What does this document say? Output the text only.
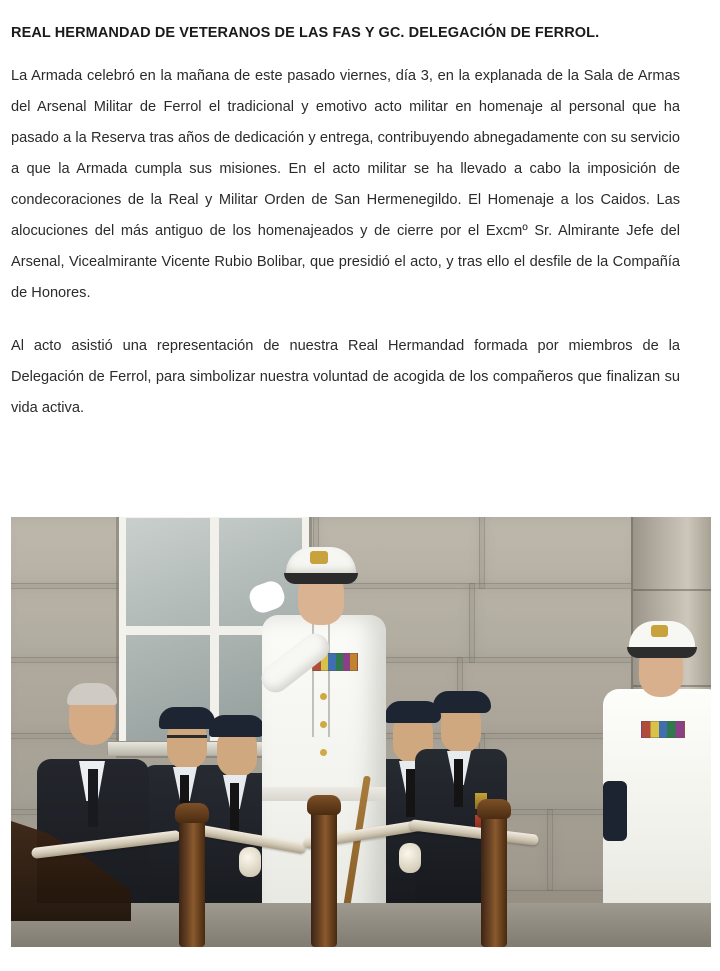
REAL HERMANDAD DE VETERANOS DE LAS FAS Y GC. DELEGACIÓN DE FERROL.

La Armada celebró en la mañana de este pasado viernes, día 3, en la explanada de la Sala de Armas del Arsenal Militar de Ferrol el tradicional y emotivo acto militar en homenaje al personal que ha pasado a la Reserva tras años de dedicación y entrega, contribuyendo abnegadamente con su servicio a que la Armada cumpla sus misiones. En el acto militar se ha llevado a cabo la imposición de condecoraciones de la Real y Militar Orden de San Hermenegildo. El Homenaje a los Caidos. Las alocuciones del más antiguo de los homenajeados y de cierre por el Excmº Sr. Almirante Jefe del Arsenal, Vicealmirante Vicente Rubio Bolibar, que presidió el acto, y tras ello el desfile de la Compañía de Honores.

Al acto asistió una representación de nuestra Real Hermandad formada por miembros de la Delegación de Ferrol, para simbolizar nuestra voluntad de acogida de los compañeros que finalizan su vida activa.
